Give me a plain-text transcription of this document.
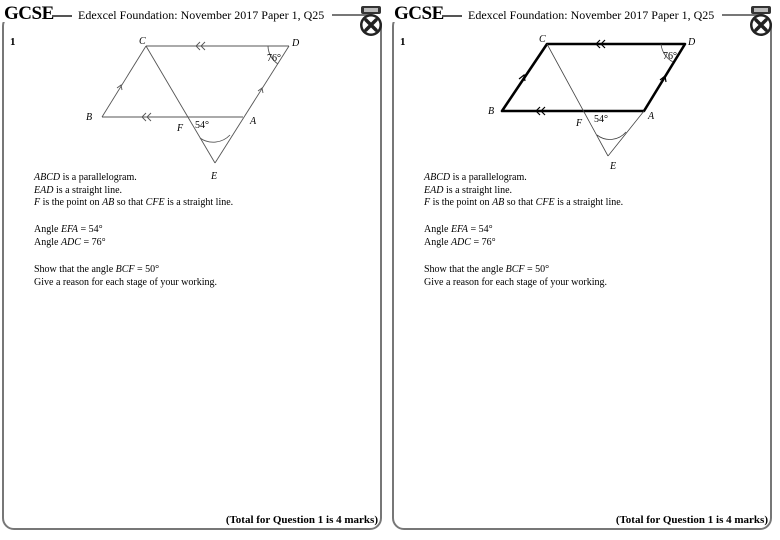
GCSE Edexcel Foundation: November 2017 Paper 1, Q25
1	C	D
B	A
F
E
54°
76°

ABCD is a parallelogram.

EAD is a straight line.

F is the point on AB so that CFE is a straight line.

Angle EFA = 54°

Angle ADC = 76°

Show that the angle BCF = 50°

Give a reason for each stage of your working.

(Total for Question 1 is 4 marks)
GCSE Edexcel Foundation: November 2017 Paper 1, Q25
1	C	D
B	A
F
E
54°
76°

ABCD is a parallelogram.

EAD is a straight line.

F is the point on AB so that CFE is a straight line.

Angle EFA = 54°

Angle ADC = 76°

Show that the angle BCF = 50°

Give a reason for each stage of your working.

(Total for Question 1 is 4 marks)
